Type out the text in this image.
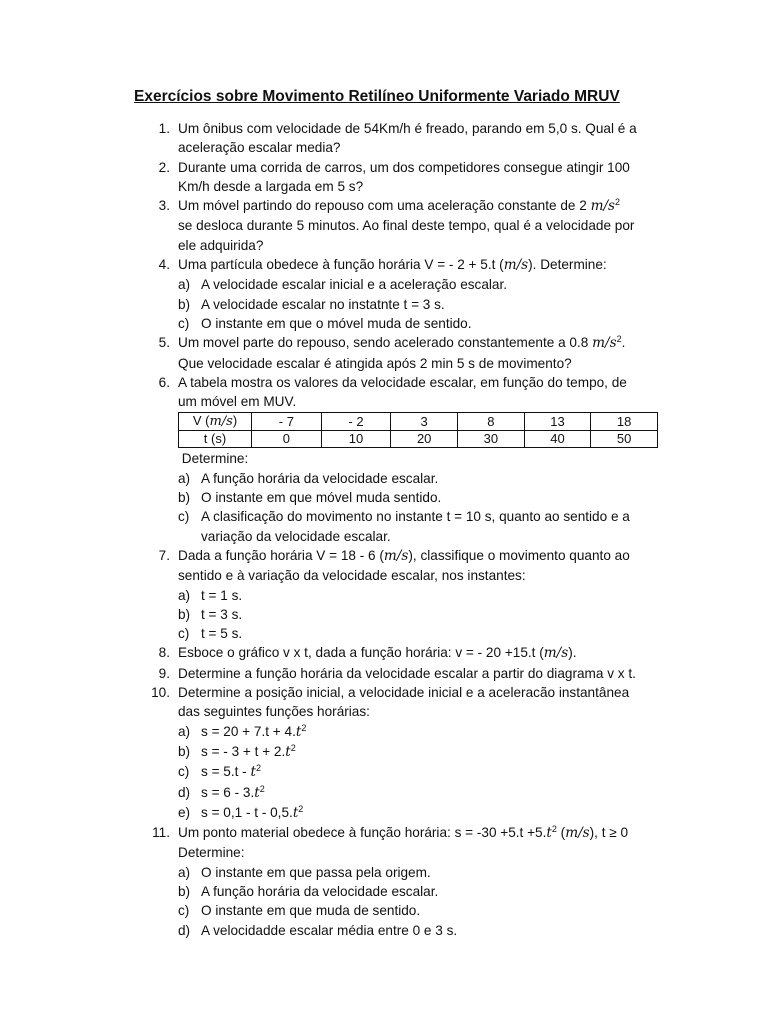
Exercícios sobre Movimento Retilíneo Uniformente Variado MRUV
1. Um ônibus com velocidade de 54Km/h é freado, parando em 5,0 s. Qual é a
aceleração escalar media?
2. Durante uma corrida de carros, um dos competidores consegue atingir 100
Km/h desde a largada em 5 s?
3. Um móvel partindo do repouso com uma aceleração constante de 2 $m/s^2$
se desloca durante 5 minutos. Ao final deste tempo, qual é a velocidade por
ele adquirida?
4. Uma partícula obedece à função horária V = - 2 + 5.t (m/s). Determine:
a) A velocidade escalar inicial e a aceleração escalar.
b) A velocidade escalar no instatnte t = 3 s.
c) O instante em que o móvel muda de sentido.
5. Um movel parte do repouso, sendo acelerado constantemente a 0.8 $m/s^2$.
Que velocidade escalar é atingida após 2 min 5 s de movimento?
6. A tabela mostra os valores da velocidade escalar, em função do tempo, de
um móvel em MUV.
V (m/s)	- 7	- 2	3	8	13	18
t (s)	0	10	20	30	40	50
Determine:
a) A função horária da velocidade escalar.
b) O instante em que móvel muda sentido.
c) A clasificação do movimento no instante t = 10 s, quanto ao sentido e a
variação da velocidade escalar.
7. Dada a função horária V = 18 - 6 (m/s), classifique o movimento quanto ao
sentido e à variação da velocidade escalar, nos instantes:
a) t = 1 s.
b) t = 3 s.
c) t = 5 s.
8. Esboce o gráfico v x t, dada a função horária: v = - 20 +15.t (m/s).
9. Determine a função horária da velocidade escalar a partir do diagrama v x t.
10. Determine a posição inicial, a velocidade inicial e a aceleracão instantânea
das seguintes funções horárias:
a) $s = 20 + 7.t + 4.t^2$
b) s = - $3 + t + 2.t^2$
c) $s = 5.t - t^2$
d) $s = 6 - 3.t^2$
e) $s = 0,1 - t - 0,5.t^2$
11. Um ponto material obedece à função horária: $s = -30 +5.t +5.t^2$ (m/s), t ≥ 0
Determine:
a) O instante em que passa pela origem.
b) A função horária da velocidade escalar.
c) O instante em que muda de sentido.
d) A velocidadde escalar média entre 0 e 3 s.
